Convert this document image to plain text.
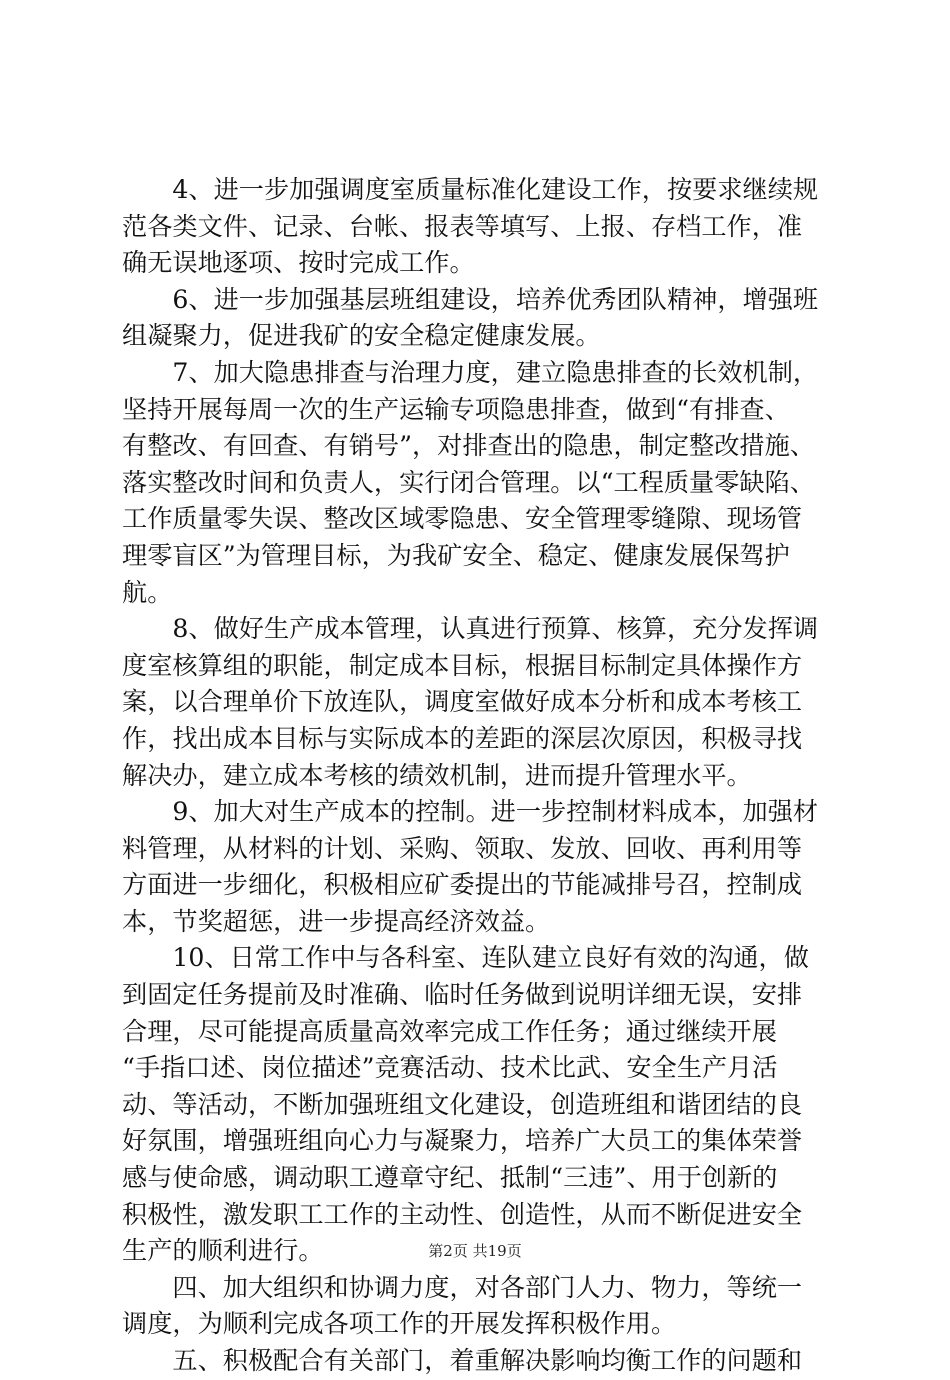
　　4、进一步加强调度室质量标准化建设工作，按要求继续规
范各类文件、记录、台帐、报表等填写、上报、存档工作，准
确无误地逐项、按时完成工作。
　　6、进一步加强基层班组建设，培养优秀团队精神，增强班
组凝聚力，促进我矿的安全稳定健康发展。
　　7、加大隐患排查与治理力度，建立隐患排查的长效机制，
坚持开展每周一次的生产运输专项隐患排查，做到“有排查、
有整改、有回查、有销号”，对排查出的隐患，制定整改措施、
落实整改时间和负责人，实行闭合管理。以“工程质量零缺陷、
工作质量零失误、整改区域零隐患、安全管理零缝隙、现场管
理零盲区”为管理目标，为我矿安全、稳定、健康发展保驾护
航。
　　8、做好生产成本管理，认真进行预算、核算，充分发挥调
度室核算组的职能，制定成本目标，根据目标制定具体操作方
案，以合理单价下放连队，调度室做好成本分析和成本考核工
作，找出成本目标与实际成本的差距的深层次原因，积极寻找
解决办，建立成本考核的绩效机制，进而提升管理水平。
　　9、加大对生产成本的控制。进一步控制材料成本，加强材
料管理，从材料的计划、采购、领取、发放、回收、再利用等
方面进一步细化，积极相应矿委提出的节能减排号召，控制成
本，节奖超惩，进一步提高经济效益。
　　10、日常工作中与各科室、连队建立良好有效的沟通，做
到固定任务提前及时准确、临时任务做到说明详细无误，安排
合理，尽可能提高质量高效率完成工作任务；通过继续开展
“手指口述、岗位描述”竞赛活动、技术比武、安全生产月活
动、等活动，不断加强班组文化建设，创造班组和谐团结的良
好氛围，增强班组向心力与凝聚力，培养广大员工的集体荣誉
感与使命感，调动职工遵章守纪、抵制“三违”、用于创新的
积极性，激发职工工作的主动性、创造性，从而不断促进安全
生产的顺利进行。
　　四、加大组织和协调力度，对各部门人力、物力，等统一
调度，为顺利完成各项工作的开展发挥积极作用。
　　五、积极配合有关部门，着重解决影响均衡工作的问题和
第2页 共19页
